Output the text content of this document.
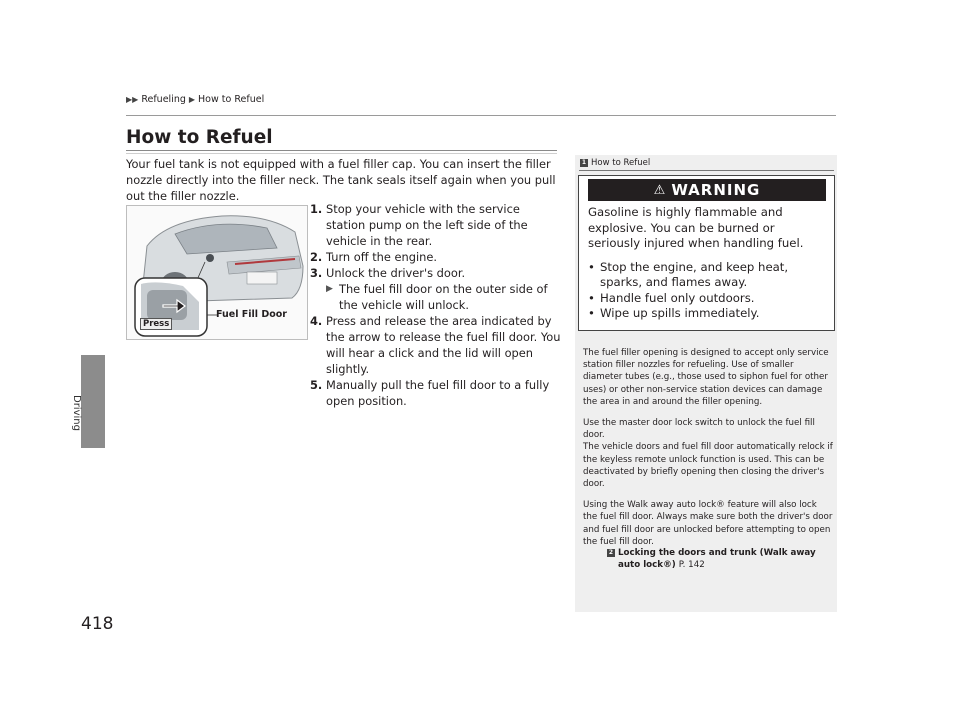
▶▶ Refueling ▶ How to Refuel
Driving
418
How to Refuel
Your fuel tank is not equipped with a fuel filler cap. You can insert the filler nozzle directly into the filler neck. The tank seals itself again when you pull out the filler nozzle.
Fuel Fill Door
Press
1. Stop your vehicle with the service station pump on the left side of the vehicle in the rear.
2. Turn off the engine.
3. Unlock the driver's door.
▶ The fuel fill door on the outer side of the vehicle will unlock.
4. Press and release the area indicated by the arrow to release the fuel fill door. You will hear a click and the lid will open slightly.
5. Manually pull the fuel fill door to a fully open position.
1 How to Refuel
⚠ WARNING
Gasoline is highly flammable and explosive. You can be burned or seriously injured when handling fuel.
• Stop the engine, and keep heat, sparks, and flames away.
• Handle fuel only outdoors.
• Wipe up spills immediately.

The fuel filler opening is designed to accept only service station filler nozzles for refueling. Use of smaller diameter tubes (e.g., those used to siphon fuel for other uses) or other non-service station devices can damage the area in and around the filler opening.

Use the master door lock switch to unlock the fuel fill door.

The vehicle doors and fuel fill door automatically relock if the keyless remote unlock function is used. This can be deactivated by briefly opening then closing the driver's door.

Using the Walk away auto lock® feature will also lock the fuel fill door. Always make sure both the driver's door and fuel fill door are unlocked before attempting to open the fuel fill door.
2 Locking the doors and trunk (Walk away auto lock®) P. 142
